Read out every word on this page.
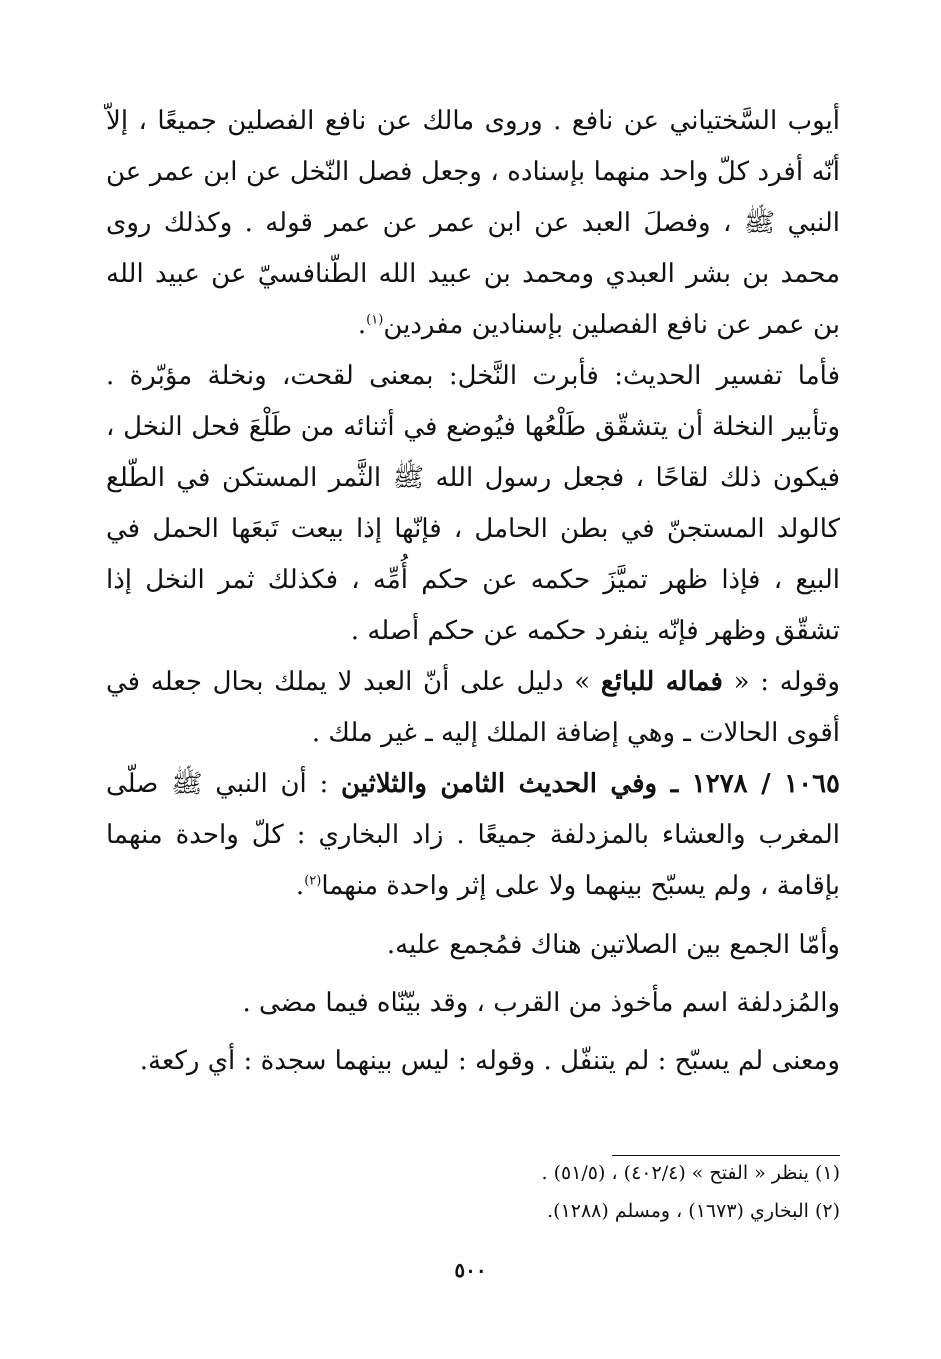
أيوب السَّختياني عن نافع . وروى مالك عن نافع الفصلين جميعًا ، إلاّ أنّه أفرد كلّ واحد منهما بإسناده ، وجعل فصل النّخل عن ابن عمر عن النبي ﷺ ، وفصلَ العبد عن ابن عمر عن عمر قوله . وكذلك روى محمد بن بشر العبدي ومحمد بن عبيد الله الطّنافسيّ عن عبيد الله بن عمر عن نافع الفصلين بإسنادين مفردين$^{(١)}$.

فأما تفسير الحديث: فأبرت النَّخل: بمعنى لقحت، ونخلة مؤبّرة . وتأبير النخلة أن يتشقّق طَلْعُها فيُوضع في أثنائه من طَلْعَ فحل النخل ، فيكون ذلك لقاحًا ، فجعل رسول الله ﷺ الثَّمر المستكن في الطّلع كالولد المستجنّ في بطن الحامل ، فإنّها إذا بيعت تَبعَها الحمل في البيع ، فإذا ظهر تميَّزَ حكمه عن حكم أُمِّه ، فكذلك ثمر النخل إذا تشقّق وظهر فإنّه ينفرد حكمه عن حكم أصله .

وقوله : « فماله للبائع » دليل على أنّ العبد لا يملك بحال جعله في أقوى الحالات ـ وهي إضافة الملك إليه ـ غير ملك .

١٠٦٥ / ١٢٧٨ ـ وفي الحديث الثامن والثلاثين : أن النبي ﷺ صلّى المغرب والعشاء بالمزدلفة جميعًا . زاد البخاري : كلّ واحدة منهما بإقامة ، ولم يسبّح بينهما ولا على إثر واحدة منهما$^{(٢)}$.

وأمّا الجمع بين الصلاتين هناك فمُجمع عليه.

والمُزدلفة اسم مأخوذ من القرب ، وقد بيّنّاه فيما مضى .

ومعنى لم يسبّح : لم يتنفّل . وقوله : ليس بينهما سجدة : أي ركعة.

(١) ينظر « الفتح » (٤٠٢/٤) ، (٥١/٥) .

(٢) البخاري (١٦٧٣) ، ومسلم (١٢٨٨).

٥٠٠
